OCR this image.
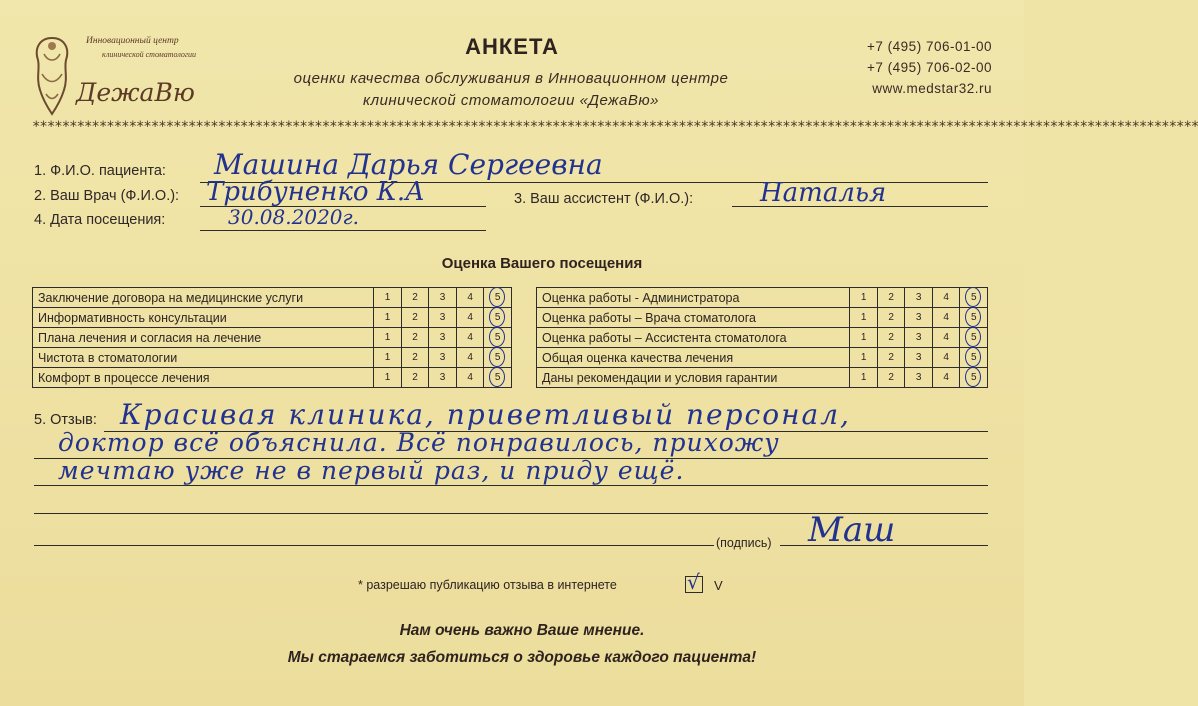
Инновационный центр
клинической стоматологии
ДежаВю
АНКЕТА
оценки качества обслуживания в Инновационном центре
клинической стоматологии «ДежаВю»
+7 (495) 706-01-00
+7 (495) 706-02-00
www.medstar32.ru
*************************************************************************************************************************************************************
1. Ф.И.О. пациента: Машина Дарья Сергеевна
2. Ваш Врач (Ф.И.О.): Трибуненко К.А	3. Ваш ассистент (Ф.И.О.):	Наталья
4. Дата посещения:	30.08.2020г.
Оценка Вашего посещения
Заключение договора на медицинские услуги	1	2	3	4	5

Информативность консультации	1	2	3	4	5

Плана лечения и согласия на лечение	1	2	3	4	5

Чистота в стоматологии	1	2	3	4	5

Комфорт в процессе лечения	1	2	3	4	5
Оценка работы - Администратора	1	2	3	4	5

Оценка работы – Врача стоматолога	1	2	3	4	5

Оценка работы – Ассистента стоматолога	1	2	3	4	5

Общая оценка качества лечения	1	2	3	4	5

Даны рекомендации и условия гарантии	1	2	3	4	5
5. Отзыв: Красивая клиника, приветливый персонал,
доктор всё объяснила. Всё понравилось, прихожу
мечтаю уже не в первый раз, и приду ещё.
(подпись) Маш
* разрешаю публикацию отзыва в интернете	√ V
Нам очень важно Ваше мнение.
Мы стараемся заботиться о здоровье каждого пациента!
